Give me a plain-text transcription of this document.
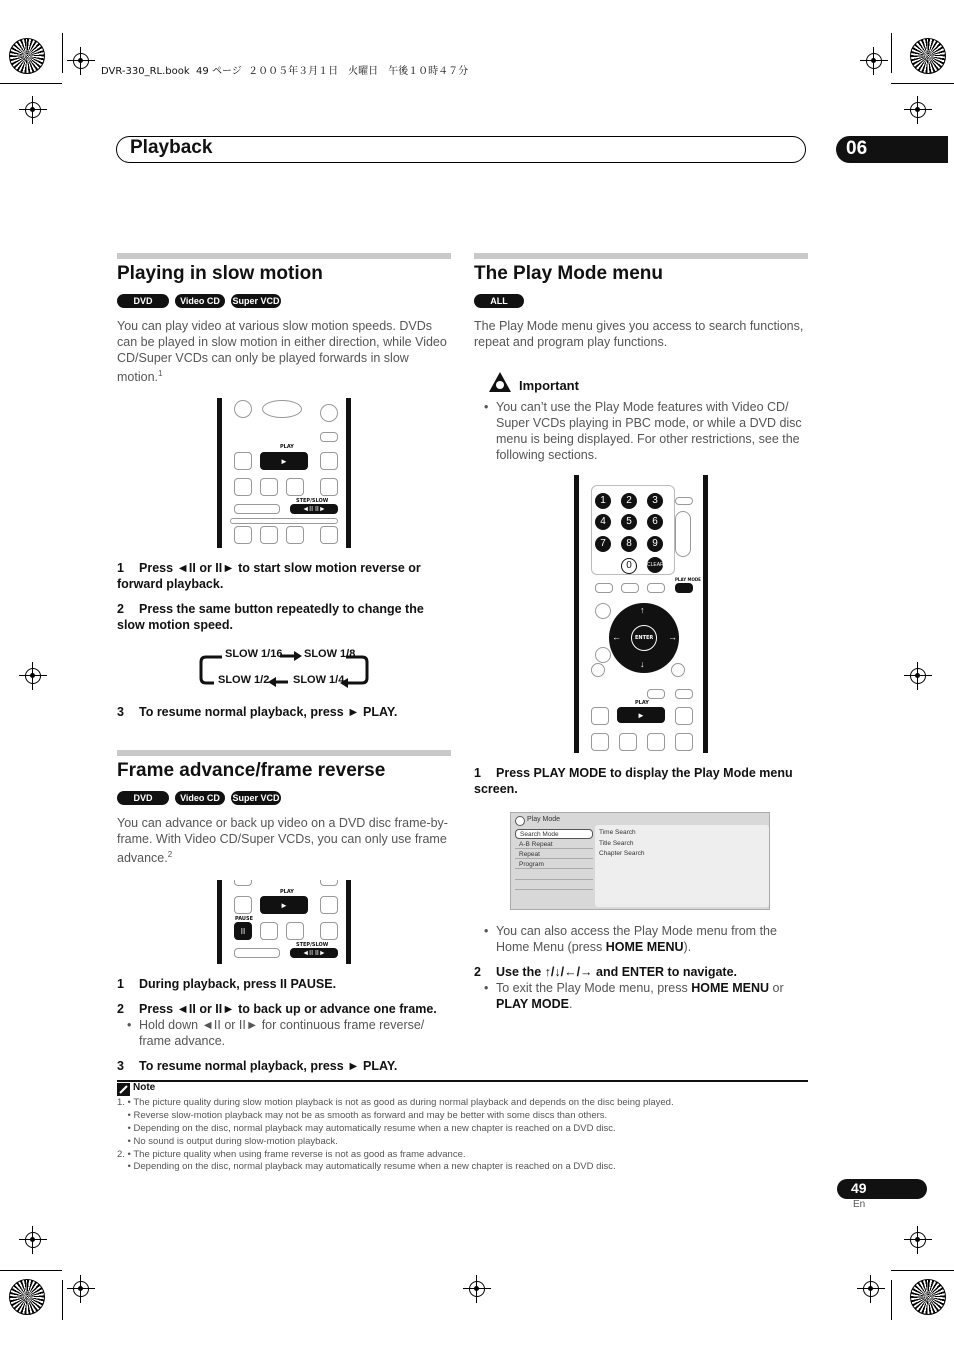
DVR-330_RL.book  49 ページ  ２００５年３月１日　火曜日　午後１０時４７分
Playback	06
Playing in slow motion
DVD	Video CD	Super VCD
You can play video at various slow motion speeds. DVDs can be played in slow motion in either direction, while Video CD/Super VCDs can only be played forwards in slow motion.$^1$
PLAY
►
STEP/SLOW
◄II II►
1 Press ◄II or II► to start slow motion reverse or forward playback.
2 Press the same button repeatedly to change the slow motion speed.
SLOW 1/16 SLOW 1/8
SLOW 1/2 SLOW 1/4
3 To resume normal playback, press ► PLAY.
Frame advance/frame reverse
DVD	Video CD	Super VCD
You can advance or back up video on a DVD disc frame-by-frame. With Video CD/Super VCDs, you can only use frame advance.$^2$
PLAY
►
PAUSE
II
STEP/SLOW
◄II II►
1 During playback, press II PAUSE.
2 Press ◄II or II► to back up or advance one frame.
• Hold down ◄II or II► for continuous frame reverse/ frame advance.
3 To resume normal playback, press ► PLAY.
The Play Mode menu
ALL
The Play Mode menu gives you access to search functions, repeat and program play functions.
Important
• You can’t use the Play Mode features with Video CD/ Super VCDs playing in PBC mode, or while a DVD disc menu is being displayed. For other restrictions, see the following sections.
1	2	3
4	5	6
7	8	9
0	CLEAR
PLAY MODE
ENTER
↑
↓
←	→
PLAY
►
1 Press PLAY MODE to display the Play Mode menu screen.
Play Mode
Search Mode
A-B Repeat
Repeat
Program
Time Search
Title Search
Chapter Search
• You can also access the Play Mode menu from the Home Menu (press HOME MENU).
2 Use the ↑/↓/←/→ and ENTER to navigate.
• To exit the Play Mode menu, press HOME MENU or PLAY MODE.
Note
1. • The picture quality during slow motion playback is not as good as during normal playback and depends on the disc being played.
• Reverse slow-motion playback may not be as smooth as forward and may be better with some discs than others.
• Depending on the disc, normal playback may automatically resume when a new chapter is reached on a DVD disc.
• No sound is output during slow-motion playback.
2. • The picture quality when using frame reverse is not as good as frame advance.
• Depending on the disc, normal playback may automatically resume when a new chapter is reached on a DVD disc.
49
En
